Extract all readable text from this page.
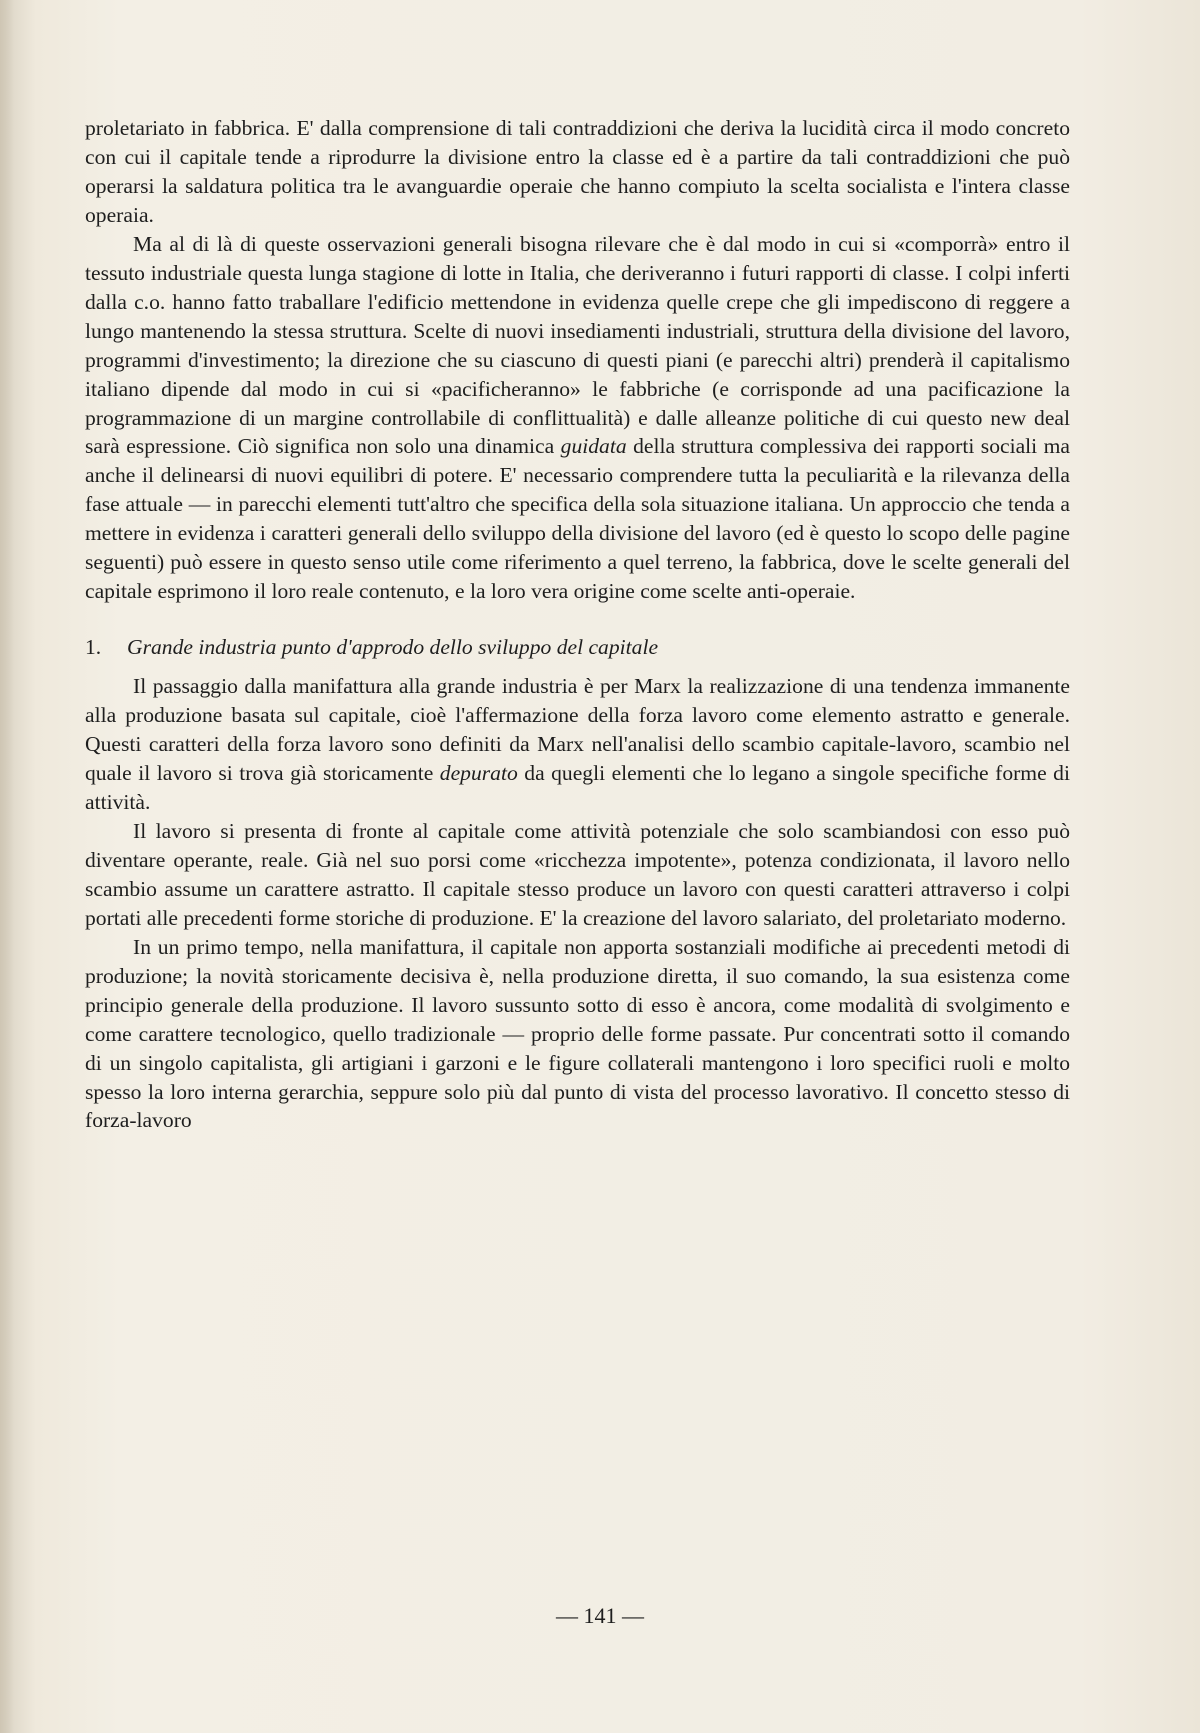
proletariato in fabbrica. E' dalla comprensione di tali contraddizioni che deriva la lucidità circa il modo concreto con cui il capitale tende a riprodurre la divisione entro la classe ed è a partire da tali contraddizioni che può operarsi la saldatura politica tra le avanguardie operaie che hanno compiuto la scelta socialista e l'intera classe operaia.

Ma al di là di queste osservazioni generali bisogna rilevare che è dal modo in cui si «comporrà» entro il tessuto industriale questa lunga stagione di lotte in Italia, che deriveranno i futuri rapporti di classe. I colpi inferti dalla c.o. hanno fatto traballare l'edificio mettendone in evidenza quelle crepe che gli impediscono di reggere a lungo mantenendo la stessa struttura. Scelte di nuovi insediamenti industriali, struttura della divisione del lavoro, programmi d'investimento; la direzione che su ciascuno di questi piani (e parecchi altri) prenderà il capitalismo italiano dipende dal modo in cui si «pacificheranno» le fabbriche (e corrisponde ad una pacificazione la programmazione di un margine controllabile di conflittualità) e dalle alleanze politiche di cui questo new deal sarà espressione. Ciò significa non solo una dinamica guidata della struttura complessiva dei rapporti sociali ma anche il delinearsi di nuovi equilibri di potere. E' necessario comprendere tutta la peculiarità e la rilevanza della fase attuale — in parecchi elementi tutt'altro che specifica della sola situazione italiana. Un approccio che tenda a mettere in evidenza i caratteri generali dello sviluppo della divisione del lavoro (ed è questo lo scopo delle pagine seguenti) può essere in questo senso utile come riferimento a quel terreno, la fabbrica, dove le scelte generali del capitale esprimono il loro reale contenuto, e la loro vera origine come scelte anti-operaie.

1. Grande industria punto d'approdo dello sviluppo del capitale

Il passaggio dalla manifattura alla grande industria è per Marx la realizzazione di una tendenza immanente alla produzione basata sul capitale, cioè l'affermazione della forza lavoro come elemento astratto e generale. Questi caratteri della forza lavoro sono definiti da Marx nell'analisi dello scambio capitale-lavoro, scambio nel quale il lavoro si trova già storicamente depurato da quegli elementi che lo legano a singole specifiche forme di attività.

Il lavoro si presenta di fronte al capitale come attività potenziale che solo scambiandosi con esso può diventare operante, reale. Già nel suo porsi come «ricchezza impotente», potenza condizionata, il lavoro nello scambio assume un carattere astratto. Il capitale stesso produce un lavoro con questi caratteri attraverso i colpi portati alle precedenti forme storiche di produzione. E' la creazione del lavoro salariato, del proletariato moderno.

In un primo tempo, nella manifattura, il capitale non apporta sostanziali modifiche ai precedenti metodi di produzione; la novità storicamente decisiva è, nella produzione diretta, il suo comando, la sua esistenza come principio generale della produzione. Il lavoro sussunto sotto di esso è ancora, come modalità di svolgimento e come carattere tecnologico, quello tradizionale — proprio delle forme passate. Pur concentrati sotto il comando di un singolo capitalista, gli artigiani i garzoni e le figure collaterali mantengono i loro specifici ruoli e molto spesso la loro interna gerarchia, seppure solo più dal punto di vista del processo lavorativo. Il concetto stesso di forza-lavoro

— 141 —
